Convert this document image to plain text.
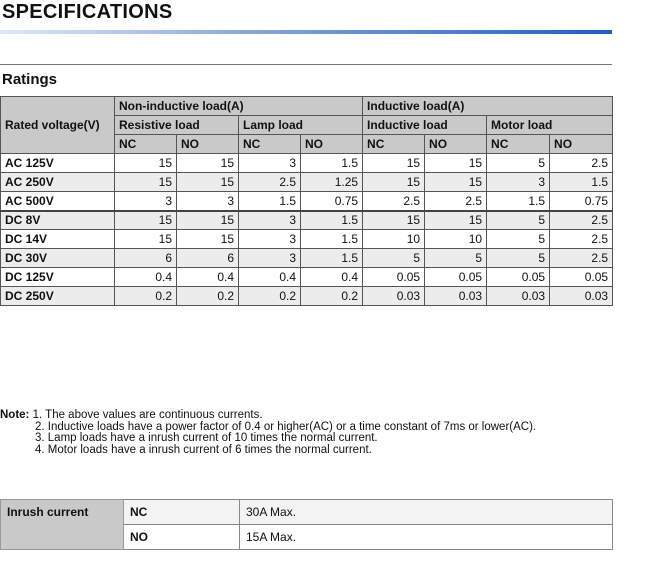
SPECIFICATIONS
Ratings
Rated voltage(V)	Non-inductive load(A)				Inductive load(A)			
	Resistive load		Lamp load		Inductive load		Motor load	
	NC	NO	NC	NO	NC	NO	NC	NO
AC 125V	15	15	3	1.5	15	15	5	2.5
AC 250V	15	15	2.5	1.25	15	15	3	1.5
AC 500V	3	3	1.5	0.75	2.5	2.5	1.5	0.75
DC 8V	15	15	3	1.5	15	15	5	2.5
DC 14V	15	15	3	1.5	10	10	5	2.5
DC 30V	6	6	3	1.5	5	5	5	2.5
DC 125V	0.4	0.4	0.4	0.4	0.05	0.05	0.05	0.05
DC 250V	0.2	0.2	0.2	0.2	0.03	0.03	0.03	0.03
Note: 1. The above values are continuous currents.
2. Inductive loads have a power factor of 0.4 or higher(AC) or a time constant of 7ms or lower(AC).
3. Lamp loads have a inrush current of 10 times the normal current.
4. Motor loads have a inrush current of 6 times the normal current.
Inrush current	NC	30A Max.
	NO	15A Max.
